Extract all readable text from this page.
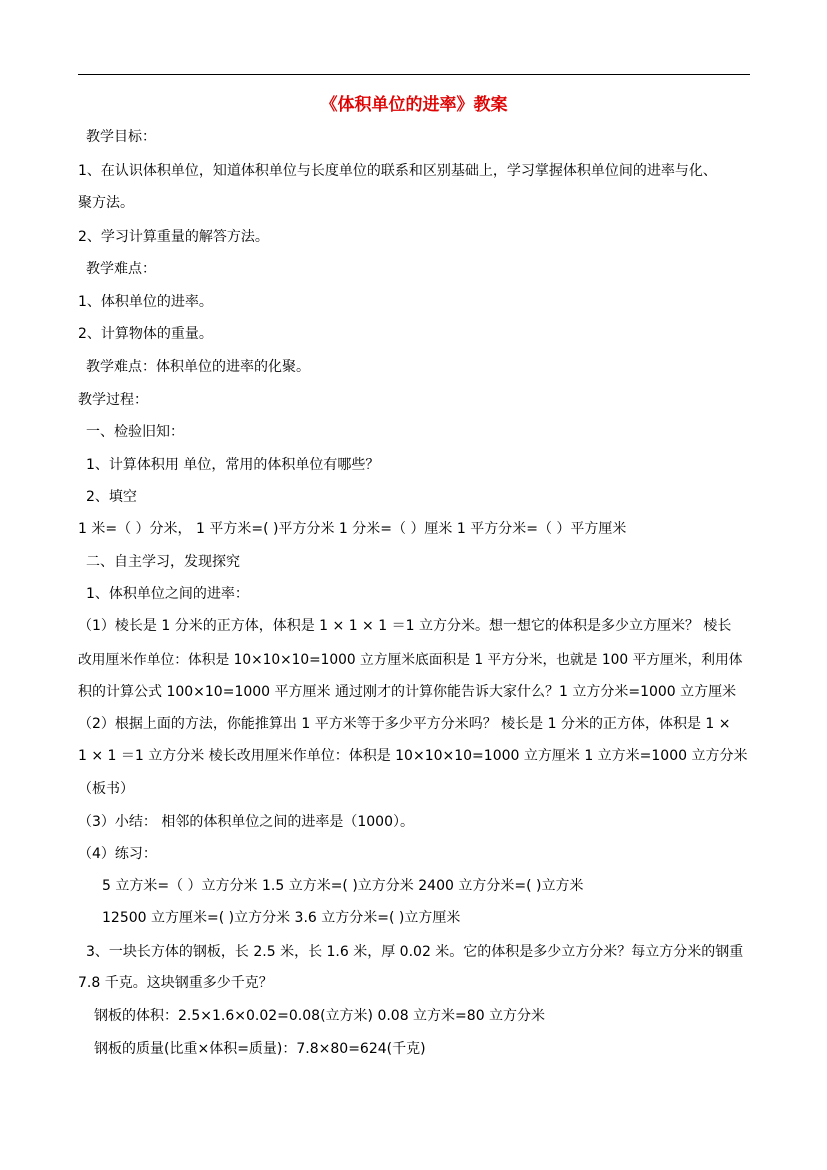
《体积单位的进率》教案
教学目标：
1、在认识体积单位，知道体积单位与长度单位的联系和区别基础上，学习掌握体积单位间的进率与化、
聚方法。
2、学习计算重量的解答方法。
教学难点：
1、体积单位的进率。
2、计算物体的重量。
教学难点：体积单位的进率的化聚。
教学过程：
一、检验旧知：
1、计算体积用 单位，常用的体积单位有哪些？
2、填空
1 米=（ ）分米， 1 平方米=( )平方分米 1 分米=（ ）厘米 1 平方分米=（ ）平方厘米
二、自主学习，发现探究
1、体积单位之间的进率：
（1）棱长是 1 分米的正方体，体积是 1 × 1 × 1 ＝1 立方分米。想一想它的体积是多少立方厘米？ 棱长
改用厘米作单位：体积是 10×10×10=1000 立方厘米底面积是 1 平方分米，也就是 100 平方厘米，利用体
积的计算公式 100×10=1000 平方厘米 通过刚才的计算你能告诉大家什么？1 立方分米=1000 立方厘米
（2）根据上面的方法，你能推算出 1 平方米等于多少平方分米吗？ 棱长是 1 分米的正方体，体积是 1 ×
1 × 1 ＝1 立方分米 棱长改用厘米作单位：体积是 10×10×10=1000 立方厘米 1 立方米=1000 立方分米
（板书）
（3）小结： 相邻的体积单位之间的进率是（1000）。
（4）练习：
5 立方米=（ ）立方分米 1.5 立方米=( )立方分米 2400 立方分米=( )立方米
12500 立方厘米=( )立方分米 3.6 立方分米=( )立方厘米
3、一块长方体的钢板，长 2.5 米，长 1.6 米，厚 0.02 米。它的体积是多少立方分米？每立方分米的钢重
7.8 千克。这块钢重多少千克？
钢板的体积：2.5×1.6×0.02=0.08(立方米) 0.08 立方米=80 立方分米
钢板的质量(比重×体积=质量)：7.8×80=624(千克)
